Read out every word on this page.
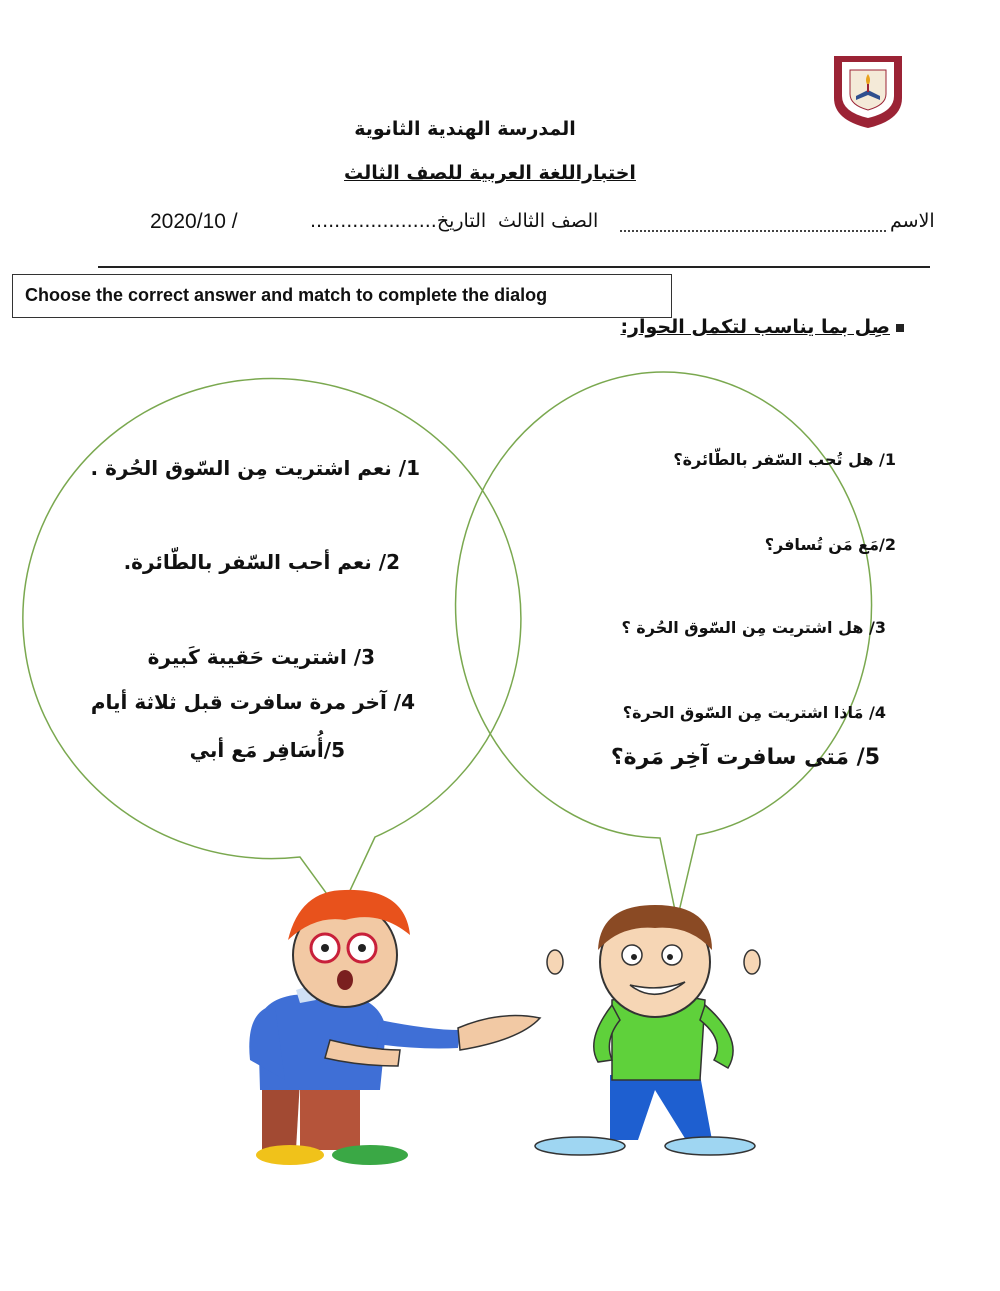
المدرسة الهندية الثانوية
اختباراللغة العربية للصف الثالث
الاسم
الصف الثالث
التاريخ.....................
2020/10 /
Choose the correct answer and match to complete the dialog
صِل بما يناسب لتكمل الحوار:
1/ نعم اشتريت مِن السّوق الحُرة .
2/ نعم أحب السّفر بالطّائرة.
3/ اشتريت حَقيبة كَبيرة
4/ آخر مرة سافرت قبل ثلاثة أيام
5/أُسَافِر مَع أبي
1/ هل تُحب السّفر بالطّائرة؟
2/مَع مَن تُسافر؟
3/ هل اشتريت مِن السّوق الحُرة ؟
4/ مَاذا اشتريت مِن السّوق الحرة؟
5/ مَتى سافرت آخِر مَرة؟
